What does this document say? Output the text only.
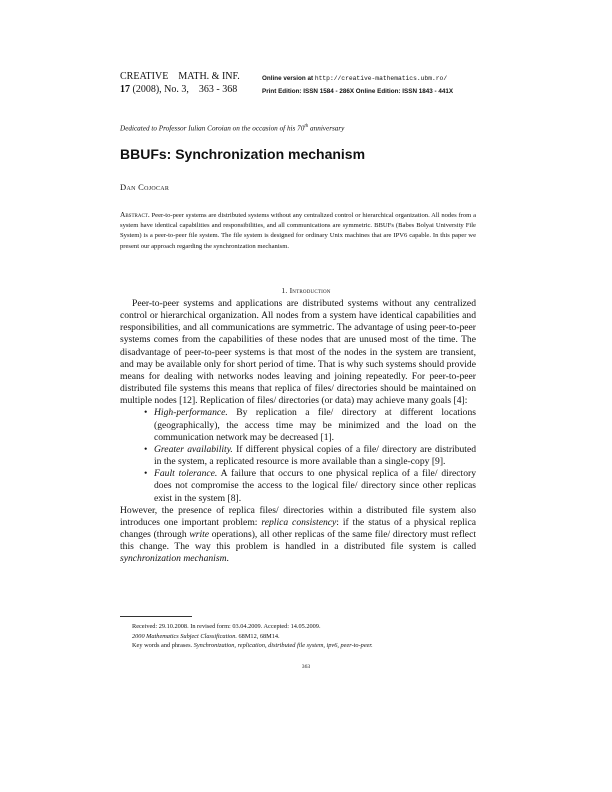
CREATIVE    MATH. & INF.
17 (2008), No. 3, 363 - 368
Online version at http://creative-mathematics.ubm.ro/
Print Edition: ISSN 1584 - 286X Online Edition: ISSN 1843 - 441X
Dedicated to Professor Iulian Coroian on the occasion of his 70th anniversary
BBUFs: Synchronization mechanism
Dan Cojocar
Abstract. Peer-to-peer systems are distributed systems without any centralized control or hierarchical organization. All nodes from a system have identical capabilities and responsibilities, and all communications are symmetric. BBUFs (Babes Bolyai University File System) is a peer-to-peer file system. The file system is designed for ordinary Unix machines that are IPV6 capable. In this paper we present our approach regarding the synchronization mechanism.
1. Introduction

Peer-to-peer systems and applications are distributed systems without any centralized control or hierarchical organization. All nodes from a system have identical capabilities and responsibilities, and all communications are symmetric. The advantage of using peer-to-peer systems comes from the capabilities of these nodes that are unused most of the time. The disadvantage of peer-to-peer systems is that most of the nodes in the system are transient, and may be available only for short period of time. That is why such systems should provide means for dealing with networks nodes leaving and joining repeatedly. For peer-to-peer distributed file systems this means that replica of files/ directories should be maintained on multiple nodes [12]. Replication of files/ directories (or data) may achieve many goals [4]:

• High-performance. By replication a file/ directory at different locations (geographically), the access time may be minimized and the load on the communication network may be decreased [1].
• Greater availability. If different physical copies of a file/ directory are distributed in the system, a replicated resource is more available than a single-copy [9].
• Fault tolerance. A failure that occurs to one physical replica of a file/ directory does not compromise the access to the logical file/ directory since other replicas exist in the system [8].

However, the presence of replica files/ directories within a distributed file system also introduces one important problem: replica consistency: if the status of a physical replica changes (through write operations), all other replicas of the same file/ directory must reflect this change. The way this problem is handled in a distributed file system is called synchronization mechanism.

Received: 29.10.2008. In revised form: 03.04.2009. Accepted: 14.05.2009.
2000 Mathematics Subject Classification. 68M12, 68M14.
Key words and phrases. Synchronization, replication, distributed file system, ipv6, peer-to-peer.
363
